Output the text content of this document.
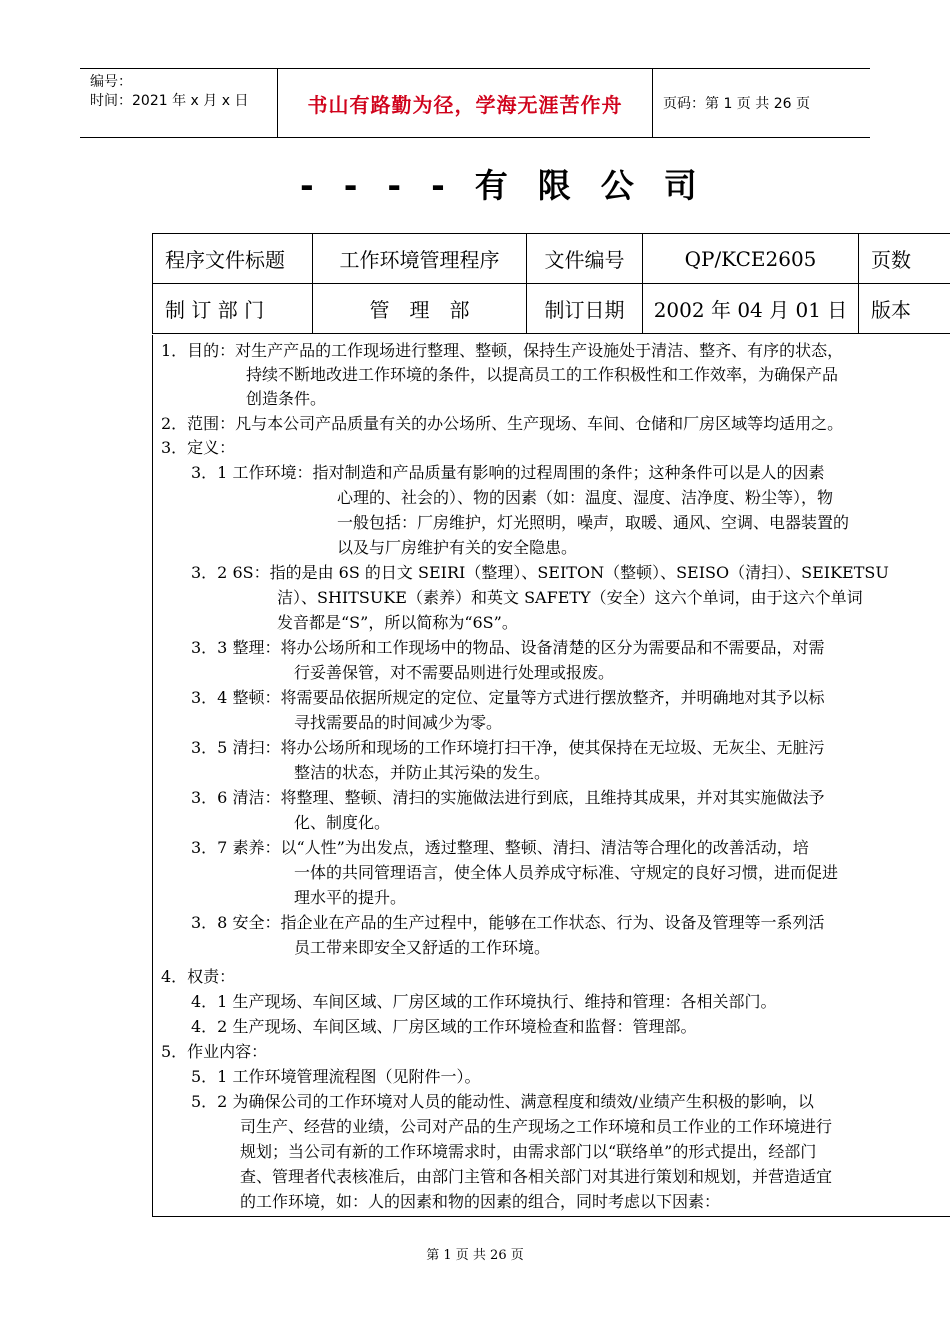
编号：
时间：2021 年 x 月 x 日	书山有路勤为径，学海无涯苦作舟	页码：第 1 页 共 26 页
----有限公司
程序文件标题	工作环境管理程序	文件编号	QP/KCE2605	页数
制 订 部 门	管　理　部	制订日期	2002 年 04 月 01 日	版本
1．目的：对生产产品的工作现场进行整理、整顿，保持生产设施处于清洁、整齐、有序的状态，
持续不断地改进工作环境的条件，以提高员工的工作积极性和工作效率，为确保产品
创造条件。
2．范围：凡与本公司产品质量有关的办公场所、生产现场、车间、仓储和厂房区域等均适用之。
3．定义：
3．1 工作环境：指对制造和产品质量有影响的过程周围的条件；这种条件可以是人的因素
心理的、社会的）、物的因素（如：温度、湿度、洁净度、粉尘等），物
一般包括：厂房维护，灯光照明，噪声，取暖、通风、空调、电器装置的
以及与厂房维护有关的安全隐患。
3．2 6S：指的是由 6S 的日文 SEIRI（整理）、SEITON（整顿）、SEISO（清扫）、SEIKETSU
洁）、SHITSUKE（素养）和英文 SAFETY（安全）这六个单词，由于这六个单词
发音都是“S”，所以简称为“6S”。
3．3 整理：将办公场所和工作现场中的物品、设备清楚的区分为需要品和不需要品，对需
行妥善保管，对不需要品则进行处理或报废。
3．4 整顿：将需要品依据所规定的定位、定量等方式进行摆放整齐，并明确地对其予以标
寻找需要品的时间减少为零。
3．5 清扫：将办公场所和现场的工作环境打扫干净，使其保持在无垃圾、无灰尘、无脏污
整洁的状态，并防止其污染的发生。
3．6 清洁：将整理、整顿、清扫的实施做法进行到底，且维持其成果，并对其实施做法予
化、制度化。
3．7 素养：以“人性”为出发点，透过整理、整顿、清扫、清洁等合理化的改善活动，培
一体的共同管理语言，使全体人员养成守标准、守规定的良好习惯，进而促进
理水平的提升。
3．8 安全：指企业在产品的生产过程中，能够在工作状态、行为、设备及管理等一系列活
员工带来即安全又舒适的工作环境。
4．权责：
4．1 生产现场、车间区域、厂房区域的工作环境执行、维持和管理：各相关部门。
4．2 生产现场、车间区域、厂房区域的工作环境检查和监督：管理部。
5．作业内容：
5．1 工作环境管理流程图（见附件一）。
5．2 为确保公司的工作环境对人员的能动性、满意程度和绩效/业绩产生积极的影响，以
司生产、经营的业绩，公司对产品的生产现场之工作环境和员工作业的工作环境进行
规划；当公司有新的工作环境需求时，由需求部门以“联络单”的形式提出，经部门
查、管理者代表核准后，由部门主管和各相关部门对其进行策划和规划，并营造适宜
的工作环境，如：人的因素和物的因素的组合，同时考虑以下因素：
第 1 页 共 26 页
